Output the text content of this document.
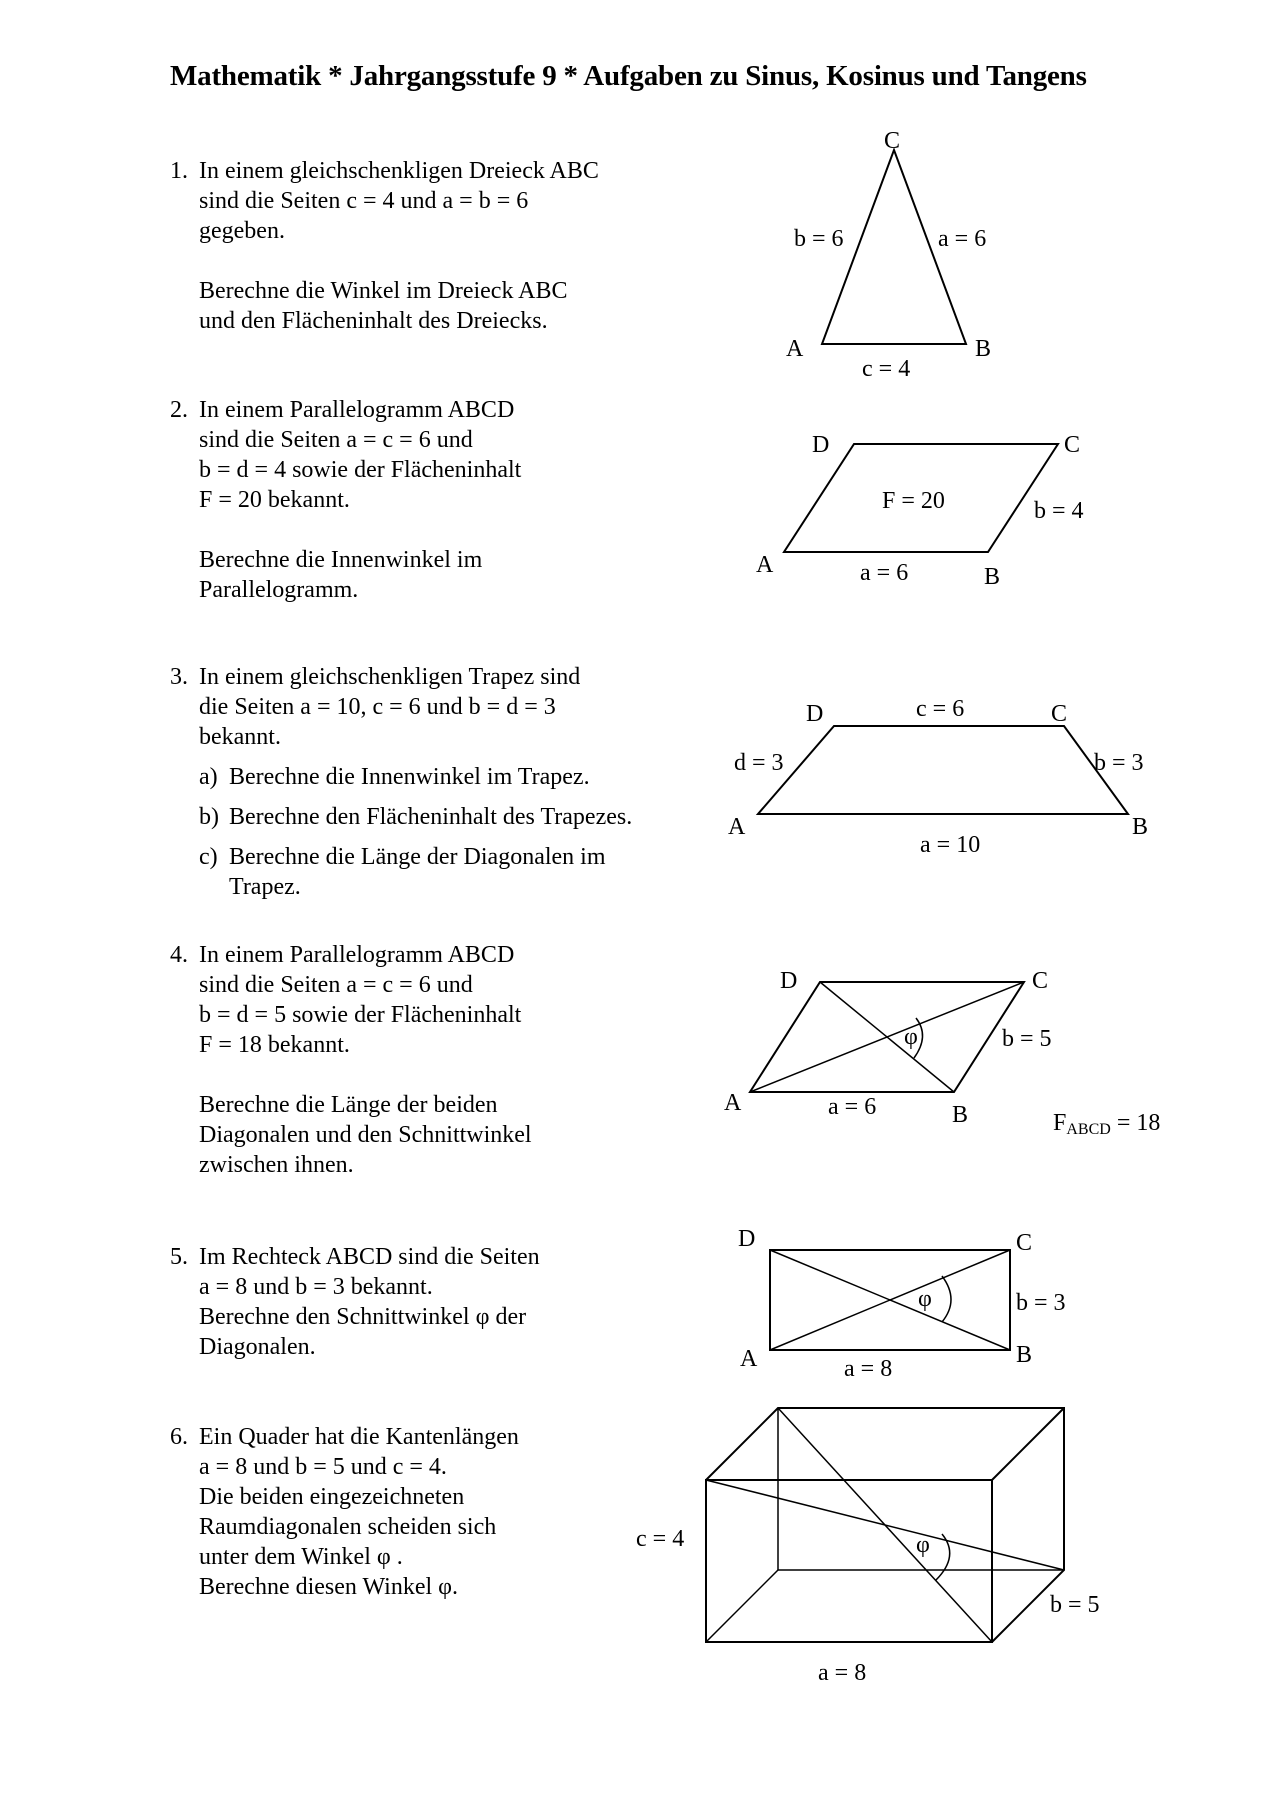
Mathematik * Jahrgangsstufe 9 * Aufgaben zu Sinus, Kosinus und Tangens
1. In einem gleichschenkligen Dreieck ABC

sind die Seiten c = 4 und a = b = 6

gegeben.

Berechne die Winkel im Dreieck ABC

und den Flächeninhalt des Dreiecks.

2. In einem Parallelogramm ABCD

sind die Seiten a = c = 6 und

b = d = 4 sowie der Flächeninhalt

F = 20 bekannt.

Berechne die Innenwinkel im

Parallelogramm.

3. In einem gleichschenkligen Trapez sind

die Seiten a = 10, c = 6 und b = d = 3

bekannt.

a) Berechne die Innenwinkel im Trapez.
b) Berechne den Flächeninhalt des Trapezes.
c) Berechne die Länge der Diagonalen im Trapez.
4. In einem Parallelogramm ABCD

sind die Seiten a = c = 6 und

b = d = 5 sowie der Flächeninhalt

F = 18 bekannt.

Berechne die Länge der beiden

Diagonalen und den Schnittwinkel

zwischen ihnen.

5. Im Rechteck ABCD sind die Seiten

a = 8 und b = 3 bekannt.

Berechne den Schnittwinkel φ der

Diagonalen.

6. Ein Quader hat die Kantenlängen

a = 8 und b = 5 und c = 4.

Die beiden eingezeichneten

Raumdiagonalen scheiden sich

unter dem Winkel φ .

Berechne diesen Winkel φ.

C
A	B
b = 6	a = 6
c = 4
D	C
A	B
F = 20	b = 4
a = 6
D	C
A	B
c = 6
d = 3	b = 3
a = 10
φ
D	C
A	B
b = 5
a = 6
FABCD = 18
φ
D	C
A	B
b = 3
a = 8
φ
c = 4
b = 5
a = 8
